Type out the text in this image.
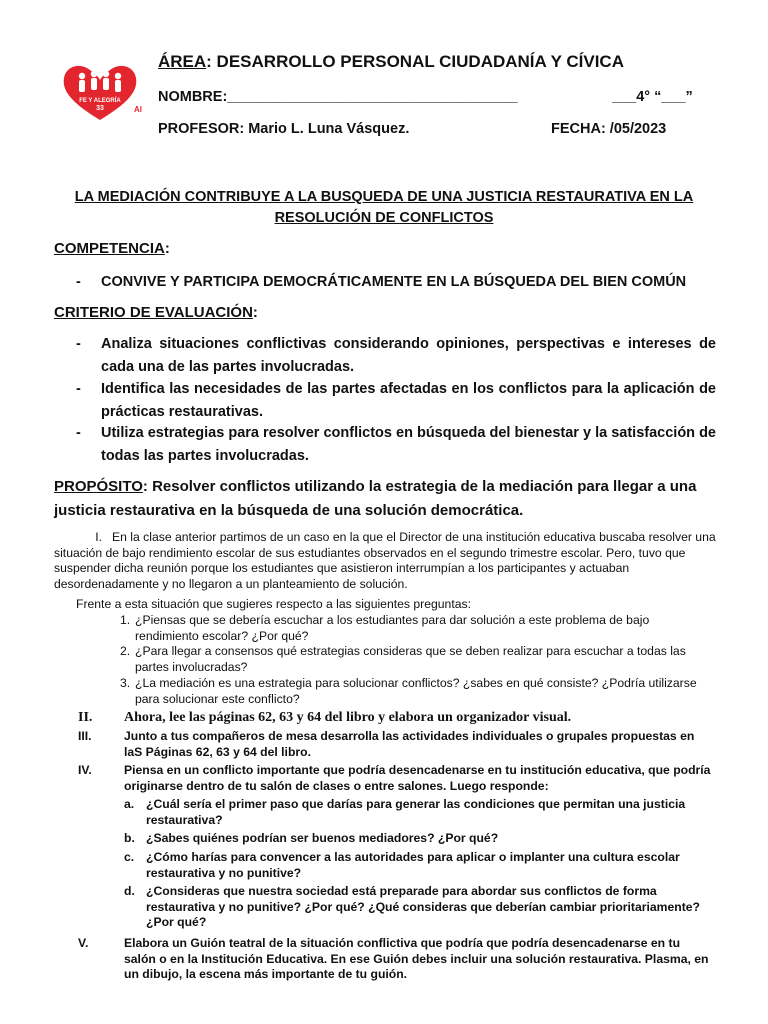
FE Y ALEGRÍA
33	Al
ÁREA: DESARROLLO PERSONAL CIUDADANÍA Y CÍVICA
NOMBRE:____________________________________	___4° “___”
PROFESOR: Mario L. Luna Vásquez.	FECHA: /05/2023
LA MEDIACIÓN CONTRIBUYE A LA BUSQUEDA DE UNA JUSTICIA RESTAURATIVA EN LA RESOLUCIÓN DE CONFLICTOS
COMPETENCIA:
- CONVIVE Y PARTICIPA DEMOCRÁTICAMENTE EN LA BÚSQUEDA DEL BIEN COMÚN
CRITERIO DE EVALUACIÓN:
- Analiza situaciones conflictivas considerando opiniones, perspectivas e intereses de cada una de las partes involucradas.
- Identifica las necesidades de las partes afectadas en los conflictos para la aplicación de prácticas restaurativas.
- Utiliza estrategias para resolver conflictos en búsqueda del bienestar y la satisfacción de todas las partes involucradas.
PROPÓSITO: Resolver conflictos utilizando la estrategia de la mediación para llegar a una justicia restaurativa en la búsqueda de una solución democrática.
I. En la clase anterior partimos de un caso en la que el Director de una institución educativa buscaba resolver una situación de bajo rendimiento escolar de sus estudiantes observados en el segundo trimestre escolar. Pero, tuvo que suspender dicha reunión porque los estudiantes que asistieron interrumpían a los participantes y actuaban desordenadamente y no llegaron a un planteamiento de solución.
Frente a esta situación que sugieres respecto a las siguientes preguntas:
1. ¿Piensas que se debería escuchar a los estudiantes para dar solución a este problema de bajo rendimiento escolar? ¿Por qué?
2. ¿Para llegar a consensos qué estrategias consideras que se deben realizar para escuchar a todas las partes involucradas?
3. ¿La mediación es una estrategia para solucionar conflictos? ¿sabes en qué consiste? ¿Podría utilizarse para solucionar este conflicto?
II. Ahora, lee las páginas 62, 63 y 64 del libro y elabora un organizador visual.
III.	Junto a tus compañeros de mesa desarrolla las actividades individuales o grupales propuestas en laS Páginas 62, 63 y 64 del libro.
IV.	Piensa en un conflicto importante que podría desencadenarse en tu institución educativa, que podría originarse dentro de tu salón de clases o entre salones. Luego responde:
a. ¿Cuál sería el primer paso que darías para generar las condiciones que permitan una justicia restaurativa?
b. ¿Sabes quiénes podrían ser buenos mediadores? ¿Por qué?
c. ¿Cómo harías para convencer a las autoridades para aplicar o implanter una cultura escolar restaurativa y no punitive?
d. ¿Consideras que nuestra sociedad está preparade para abordar sus conflictos de forma restaurativa y no punitive? ¿Por qué? ¿Qué consideras que deberían cambiar prioritariamente? ¿Por qué?
V.	Elabora un Guión teatral de la situación conflictiva que podría que podría desencadenarse en tu salón o en la Institución Educativa. En ese Guión debes incluir una solución restaurativa. Plasma, en un dibujo, la escena más importante de tu guión.
